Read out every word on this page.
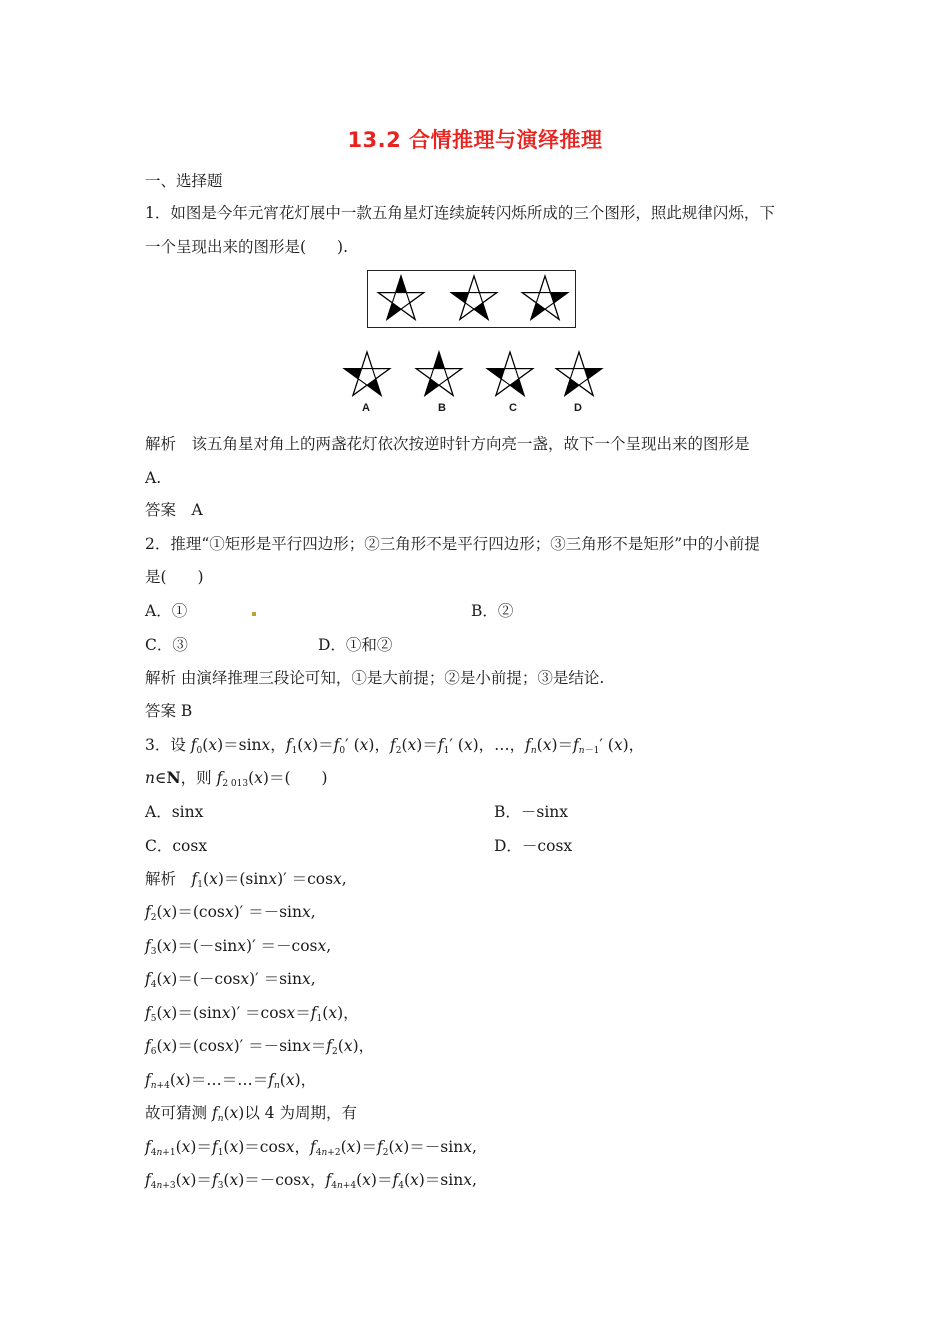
13.2 合情推理与演绎推理
一、选择题
1．如图是今年元宵花灯展中一款五角星灯连续旋转闪烁所成的三个图形，照此规律闪烁，下
一个呈现出来的图形是(　　).
A	B	C	D
解析　该五角星对角上的两盏花灯依次按逆时针方向亮一盏，故下一个呈现出来的图形是
A.
答案　A
2．推理“①矩形是平行四边形；②三角形不是平行四边形；③三角形不是矩形”中的小前提
是(　　)
A．①	B．②
C．③	D．①和②
解析 由演绎推理三段论可知，①是大前提；②是小前提；③是结论.
答案 B
3．设 $f_0(x)=\sin x$，$f_1(x)=f_0'$ (x)，$f_2(x)=f_1'$ (x)，…，$f_n(x)=f_{n-1}'$ (x)，
n∈N，则 $f_{2 013}(x)=$(　　)
A．sinx	B．－sinx
C．cosx	D．－cosx
解析　 $f_1(x)=(\sin x)' =\cos x$,
$f_2(x)=(\cos x)' =-\sin x$,
$f_3(x)=(-\sin x)' =-\cos x$,
$f_4(x)=(-\cos x)' =\sin x$,
$f_5(x)=(\sin x)' =\cos x=f_1(x)$，
$f_6(x)=(\cos x)' =-\sin x=f_2(x)$，
$f_{n+4}(x)=\dots=\dots=f_n(x)$，
故可猜测 $f_n(x)$以 4 为周期，有
$f_{4n+1}(x)=f_1(x)=\cos x$，$f_{4n+2}(x)=f_2(x)=-\sin x$,
$f_{4n+3}(x)=f_3(x)=-\cos x$，$f_{4n+4}(x)=f_4(x)=\sin x$,
